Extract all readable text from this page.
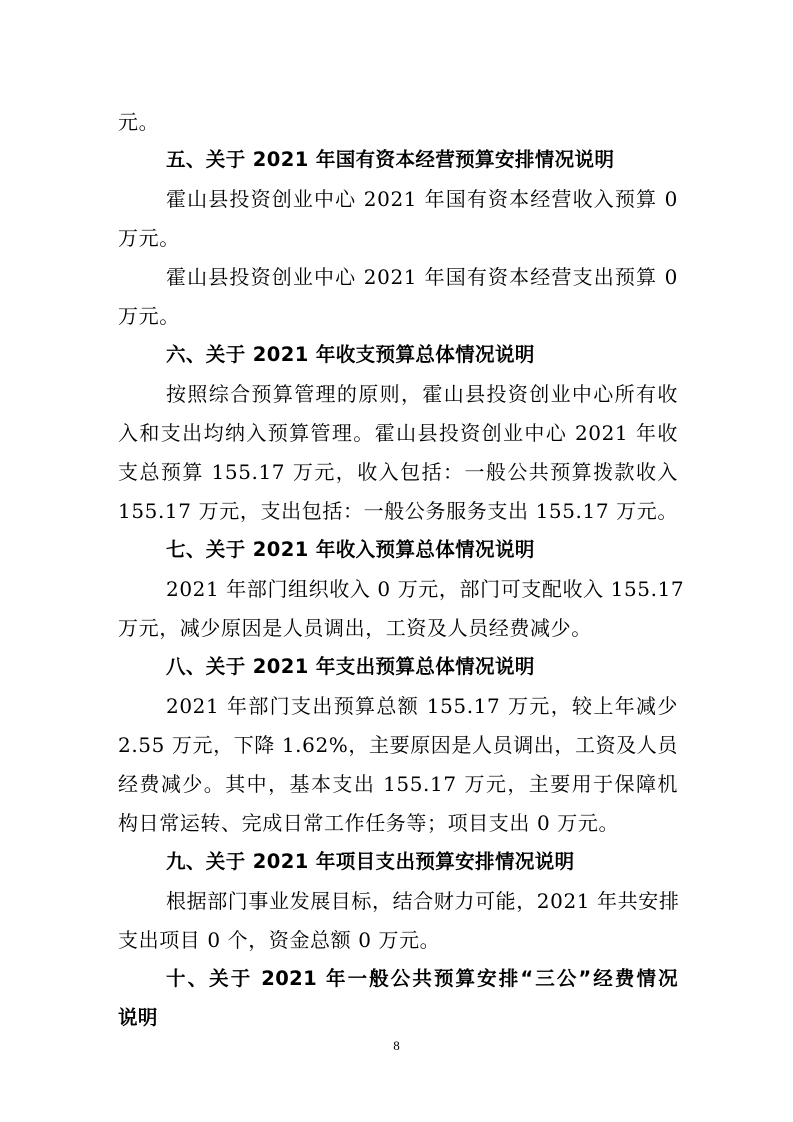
元。
五、关于 2021 年国有资本经营预算安排情况说明
霍山县投资创业中心 2021 年国有资本经营收入预算 0
万元。
霍山县投资创业中心 2021 年国有资本经营支出预算 0
万元。
六、关于 2021 年收支预算总体情况说明
按照综合预算管理的原则，霍山县投资创业中心所有收
入和支出均纳入预算管理。霍山县投资创业中心 2021 年收
支总预算 155.17 万元，收入包括：一般公共预算拨款收入
155.17 万元，支出包括：一般公务服务支出 155.17 万元。
七、关于 2021 年收入预算总体情况说明
2021 年部门组织收入 0 万元，部门可支配收入 155.17
万元，减少原因是人员调出，工资及人员经费减少。
八、关于 2021 年支出预算总体情况说明
2021 年部门支出预算总额 155.17 万元，较上年减少
2.55 万元，下降 1.62%，主要原因是人员调出，工资及人员
经费减少。其中，基本支出 155.17 万元，主要用于保障机
构日常运转、完成日常工作任务等；项目支出 0 万元。
九、关于 2021 年项目支出预算安排情况说明
根据部门事业发展目标，结合财力可能，2021 年共安排
支出项目 0 个，资金总额 0 万元。
十、关于 2021 年一般公共预算安排“三公”经费情况
说明
8
